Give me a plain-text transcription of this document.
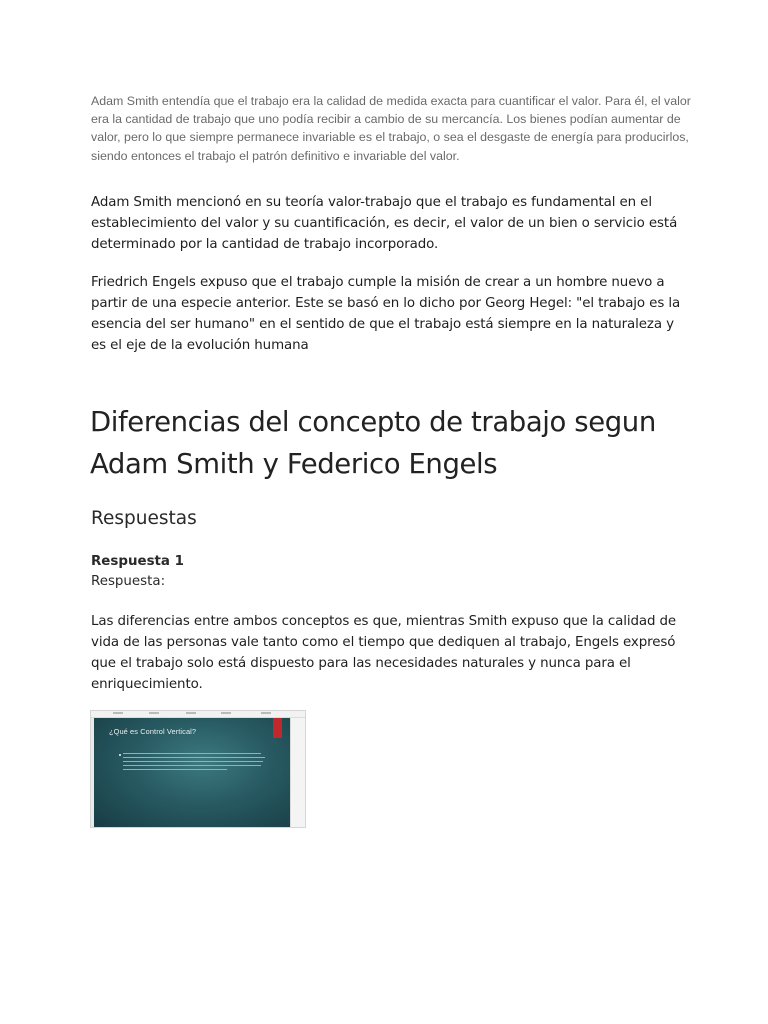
Adam Smith entendía que el trabajo era la calidad de medida exacta para cuantificar el valor. Para él, el valor era la cantidad de trabajo que uno podía recibir a cambio de su mercancía. Los bienes podían aumentar de valor, pero lo que siempre permanece invariable es el trabajo, o sea el desgaste de energía para producirlos, siendo entonces el trabajo el patrón definitivo e invariable del valor.

Adam Smith mencionó en su teoría valor-trabajo que el trabajo es fundamental en el establecimiento del valor y su cuantificación, es decir, el valor de un bien o servicio está determinado por la cantidad de trabajo incorporado.

Friedrich Engels expuso que el trabajo cumple la misión de crear a un hombre nuevo a partir de una especie anterior. Este se basó en lo dicho por Georg Hegel: "el trabajo es la esencia del ser humano" en el sentido de que el trabajo está siempre en la naturaleza y es el eje de la evolución humana

Diferencias del concepto de trabajo segun Adam Smith y Federico Engels
Respuestas

Respuesta 1

Respuesta:

Las diferencias entre ambos conceptos es que, mientras Smith expuso que la calidad de vida de las personas vale tanto como el tiempo que dediquen al trabajo, Engels expresó que el trabajo solo está dispuesto para las necesidades naturales y nunca para el enriquecimiento.

¿Qué es Control Vertical?
